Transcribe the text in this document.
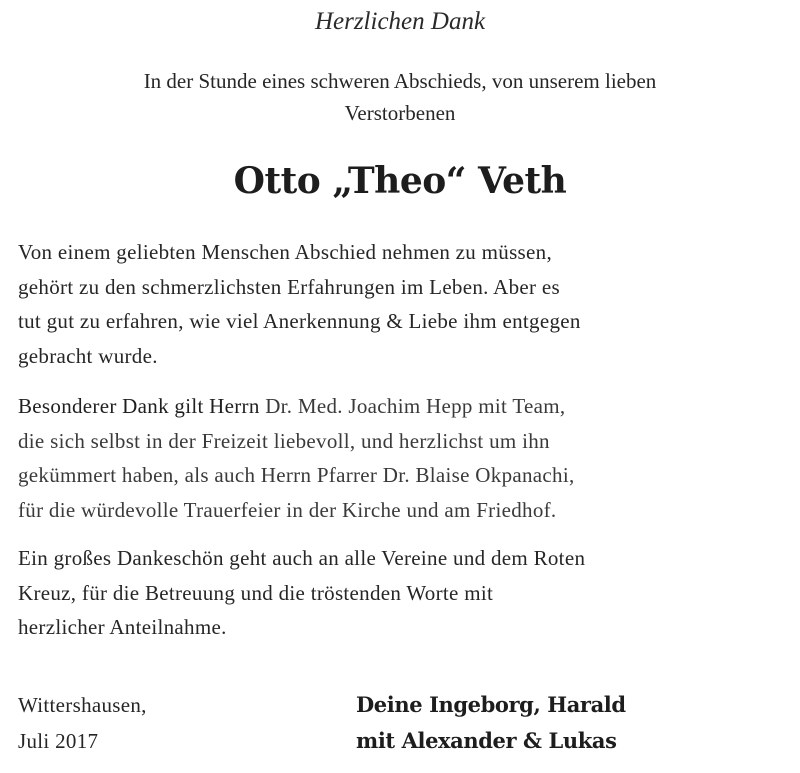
Herzlichen Dank
In der Stunde eines schweren Abschieds, von unserem lieben
Verstorbenen
Otto „Theo“ Veth
Von einem geliebten Menschen Abschied nehmen zu müssen,
gehört zu den schmerzlichsten Erfahrungen im Leben. Aber es
tut gut zu erfahren, wie viel Anerkennung & Liebe ihm entgegen
gebracht wurde.
Besonderer Dank gilt Herrn Dr. Med. Joachim Hepp mit Team,
die sich selbst in der Freizeit liebevoll, und herzlichst um ihn
gekümmert haben, als auch Herrn Pfarrer Dr. Blaise Okpanachi,
für die würdevolle Trauerfeier in der Kirche und am Friedhof.
Ein großes Dankeschön geht auch an alle Vereine und dem Roten
Kreuz, für die Betreuung und die tröstenden Worte mit
herzlicher Anteilnahme.
Wittershausen,
Juli 2017
Deine Ingeborg, Harald
mit Alexander & Lukas
